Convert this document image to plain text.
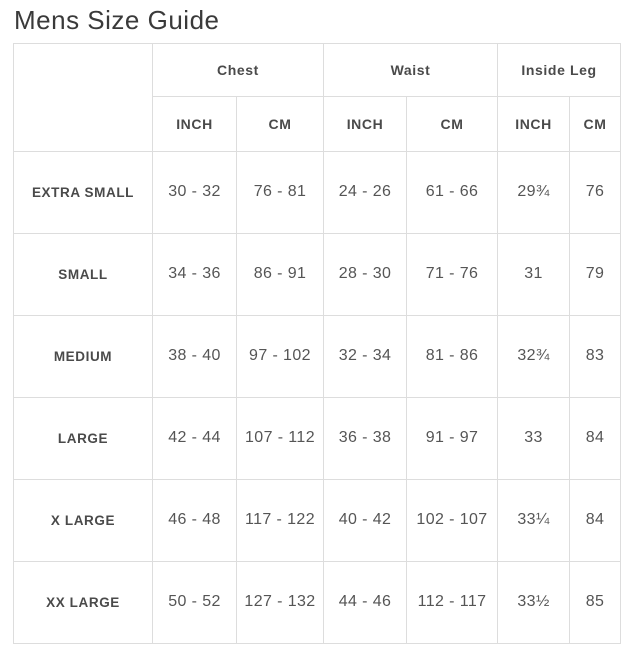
Mens Size Guide
	Chest		Waist		Inside Leg	
	INCH	CM	INCH	CM	INCH	CM
EXTRA SMALL	30 - 32	76 - 81	24 - 26	61 - 66	29¾	76
SMALL	34 - 36	86 - 91	28 - 30	71 - 76	31	79
MEDIUM	38 - 40	97 - 102	32 - 34	81 - 86	32¾	83
LARGE	42 - 44	107 - 112	36 - 38	91 - 97	33	84
X LARGE	46 - 48	117 - 122	40 - 42	102 - 107	33¼	84
XX LARGE	50 - 52	127 - 132	44 - 46	112 - 117	33½	85
